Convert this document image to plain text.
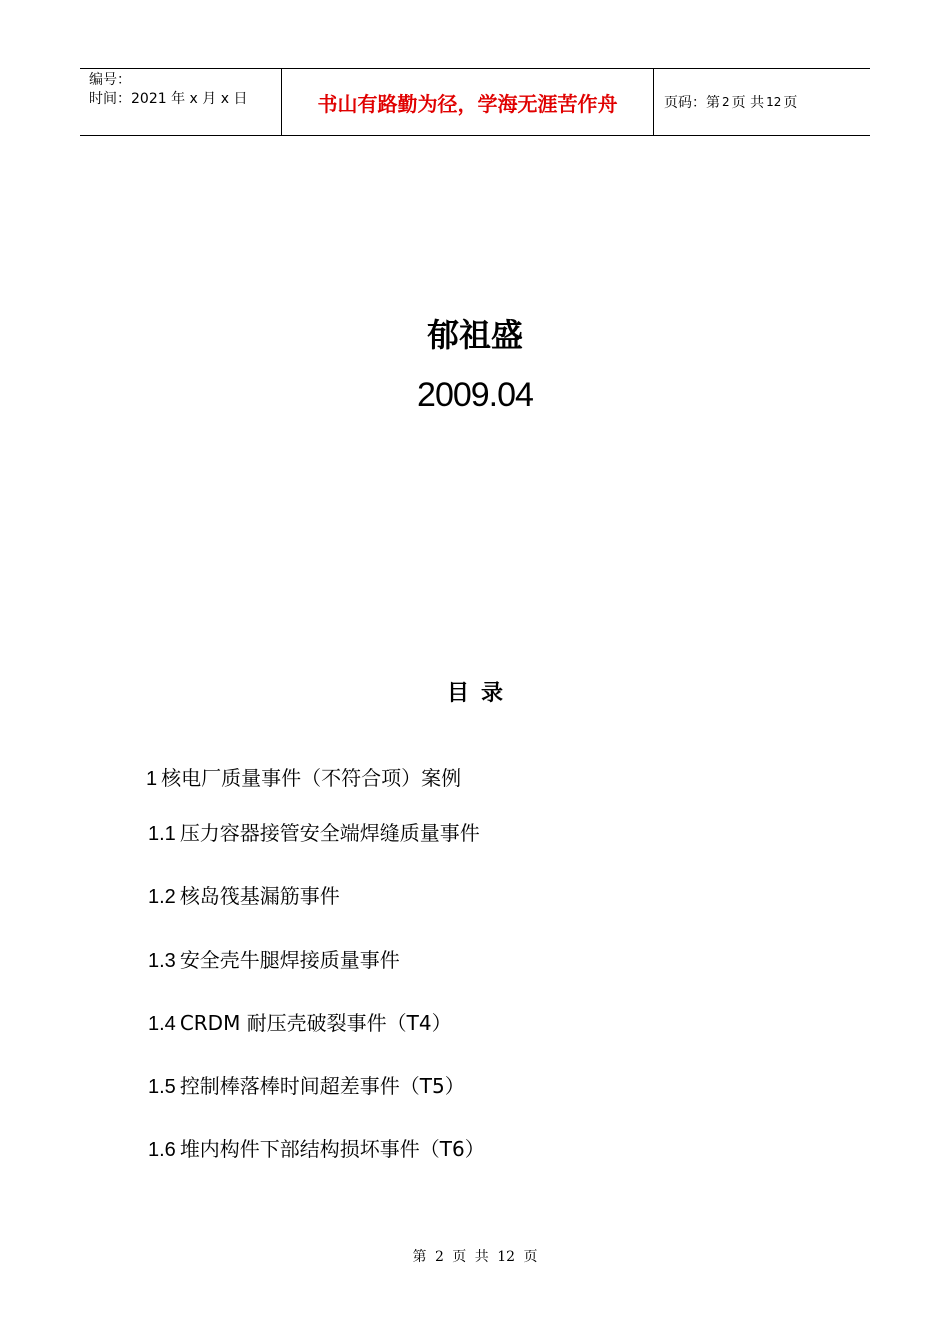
编号：
时间：2021 年 x 月 x 日	书山有路勤为径，学海无涯苦作舟	页码：第 2 页 共 12 页
郁祖盛
2009.04
目录
1 核电厂质量事件（不符合项）案例
1.1 压力容器接管安全端焊缝质量事件
1.2 核岛筏基漏筋事件
1.3 安全壳牛腿焊接质量事件
1.4 CRDM 耐压壳破裂事件（T4）
1.5 控制棒落棒时间超差事件（T5）
1.6 堆内构件下部结构损坏事件（T6）
第 2 页 共 12 页
